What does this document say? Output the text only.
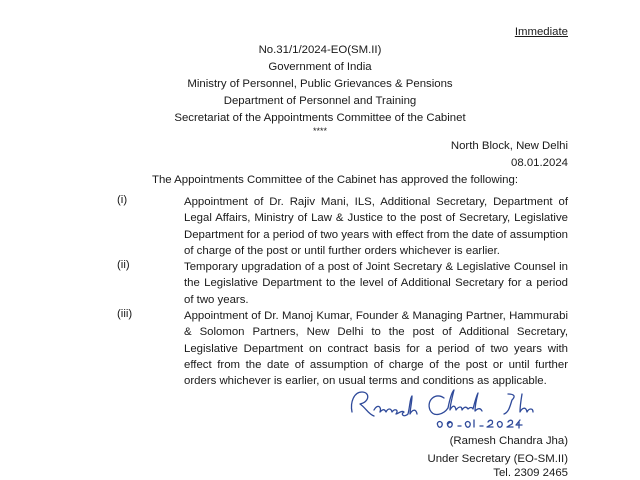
Immediate
No.31/1/2024-EO(SM.II)
Government of India
Ministry of Personnel, Public Grievances & Pensions
Department of Personnel and Training
Secretariat of the Appointments Committee of the Cabinet
****
North Block, New Delhi
08.01.2024
The Appointments Committee of the Cabinet has approved the following:
(i)	Appointment of Dr. Rajiv Mani, ILS, Additional Secretary, Department of Legal Affairs, Ministry of Law & Justice to the post of Secretary, Legislative Department for a period of two years with effect from the date of assumption of charge of the post or until further orders whichever is earlier.
(ii)	Temporary upgradation of a post of Joint Secretary & Legislative Counsel in the Legislative Department to the level of Additional Secretary for a period of two years.
(iii)	Appointment of Dr. Manoj Kumar, Founder & Managing Partner, Hammurabi & Solomon Partners, New Delhi to the post of Additional Secretary, Legislative Department on contract basis for a period of two years with effect from the date of assumption of charge of the post or until further orders whichever is earlier, on usual terms and conditions as applicable.
(Ramesh Chandra Jha)
Under Secretary (EO-SM.II)
Tel. 2309 2465
